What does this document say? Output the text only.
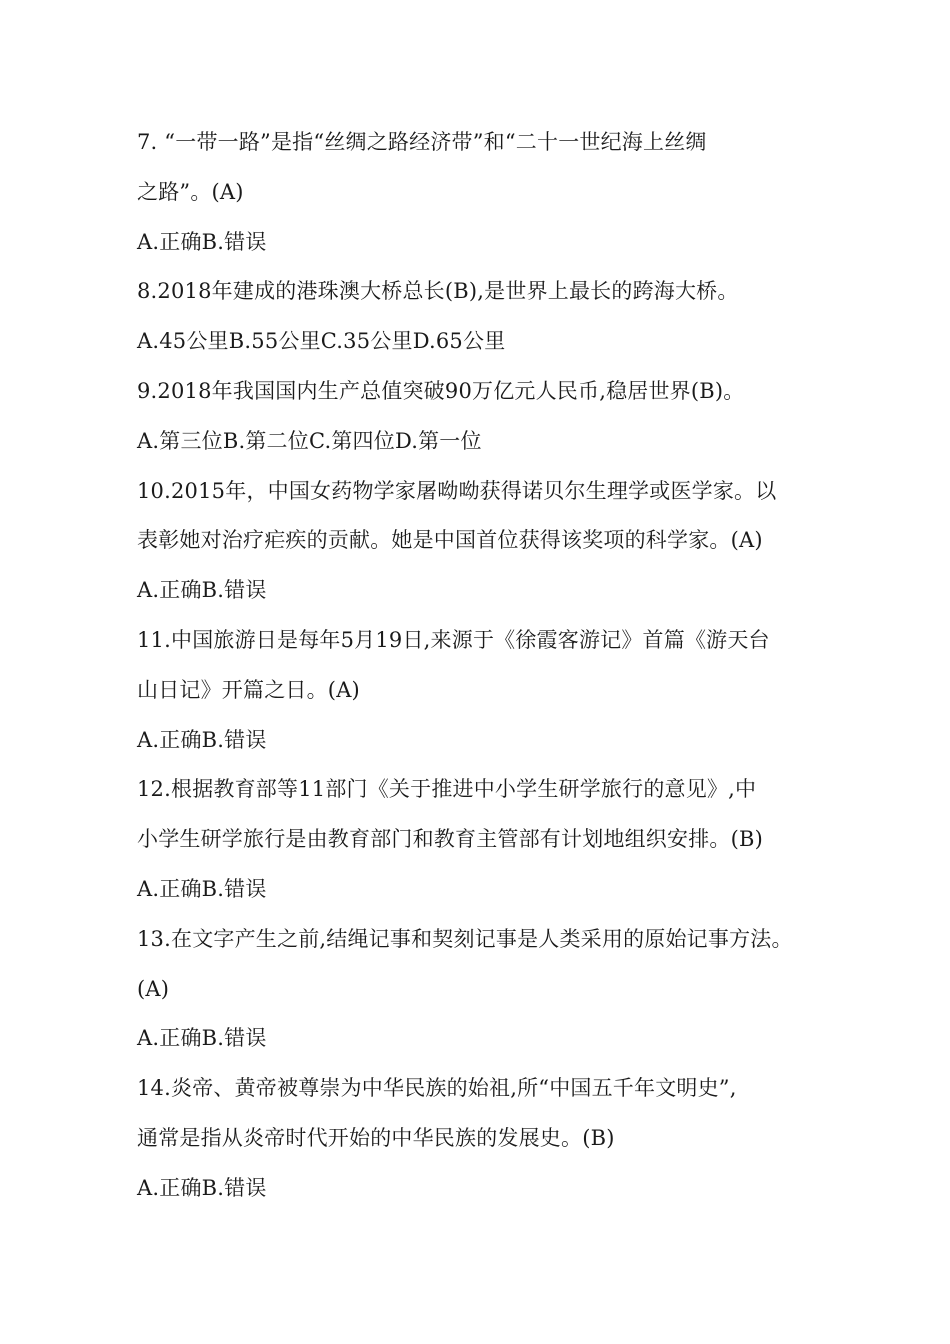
7. “一带一路”是指“丝绸之路经济带”和“二十一世纪海上丝绸
之路”。(A)
A.正确B.错误
8.2018年建成的港珠澳大桥总长(B),是世界上最长的跨海大桥。
A.45公里B.55公里C.35公里D.65公里
9.2018年我国国内生产总值突破90万亿元人民币,稳居世界(B)。
A.第三位B.第二位C.第四位D.第一位
10.2015年，中国女药物学家屠呦呦获得诺贝尔生理学或医学家。以
表彰她对治疗疟疾的贡献。她是中国首位获得该奖项的科学家。(A)
A.正确B.错误
11.中国旅游日是每年5月19日,来源于《徐霞客游记》首篇《游天台
山日记》开篇之日。(A)
A.正确B.错误
12.根据教育部等11部门《关于推进中小学生研学旅行的意见》,中
小学生研学旅行是由教育部门和教育主管部有计划地组织安排。(B)
A.正确B.错误
13.在文字产生之前,结绳记事和契刻记事是人类采用的原始记事方法。
(A)
A.正确B.错误
14.炎帝、黄帝被尊崇为中华民族的始祖,所“中国五千年文明史”,
通常是指从炎帝时代开始的中华民族的发展史。(B)
A.正确B.错误
